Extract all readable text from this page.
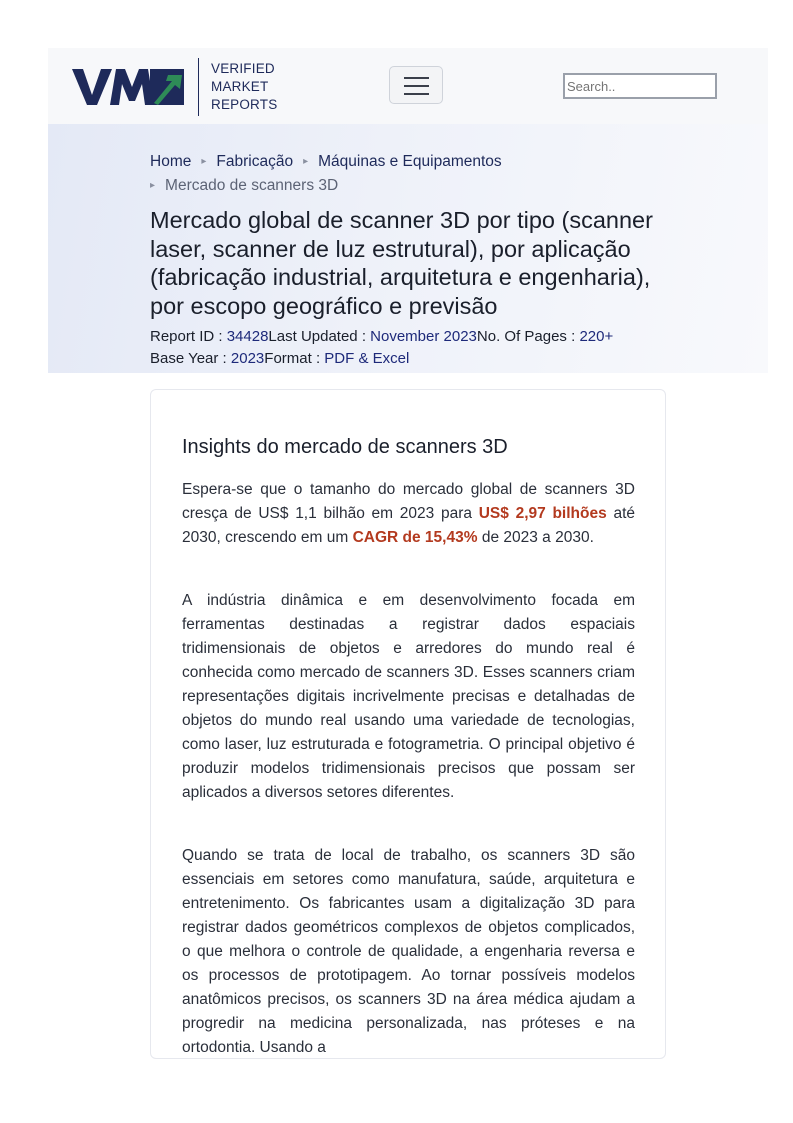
VERIFIED
MARKET
REPORTS
Search..
Home ▸ Fabricação ▸ Máquinas e Equipamentos
▸ Mercado de scanners 3D
Mercado global de scanner 3D por tipo (scanner laser, scanner de luz estrutural), por aplicação (fabricação industrial, arquitetura e engenharia), por escopo geográfico e previsão
Report ID : 34428Last Updated : November 2023No. Of Pages : 220+
Base Year : 2023Format : PDF & Excel
Insights do mercado de scanners 3D

Espera-se que o tamanho do mercado global de scanners 3D cresça de US$ 1,1 bilhão em 2023 para US$ 2,97 bilhões até 2030, crescendo em um CAGR de 15,43% de 2023 a 2030.

A indústria dinâmica e em desenvolvimento focada em ferramentas destinadas a registrar dados espaciais tridimensionais de objetos e arredores do mundo real é conhecida como mercado de scanners 3D. Esses scanners criam representações digitais incrivelmente precisas e detalhadas de objetos do mundo real usando uma variedade de tecnologias, como laser, luz estruturada e fotogrametria. O principal objetivo é produzir modelos tridimensionais precisos que possam ser aplicados a diversos setores diferentes.

Quando se trata de local de trabalho, os scanners 3D são essenciais em setores como manufatura, saúde, arquitetura e entretenimento. Os fabricantes usam a digitalização 3D para registrar dados geométricos complexos de objetos complicados, o que melhora o controle de qualidade, a engenharia reversa e os processos de prototipagem. Ao tornar possíveis modelos anatômicos precisos, os scanners 3D na área médica ajudam a progredir na medicina personalizada, nas próteses e na ortodontia. Usando a
